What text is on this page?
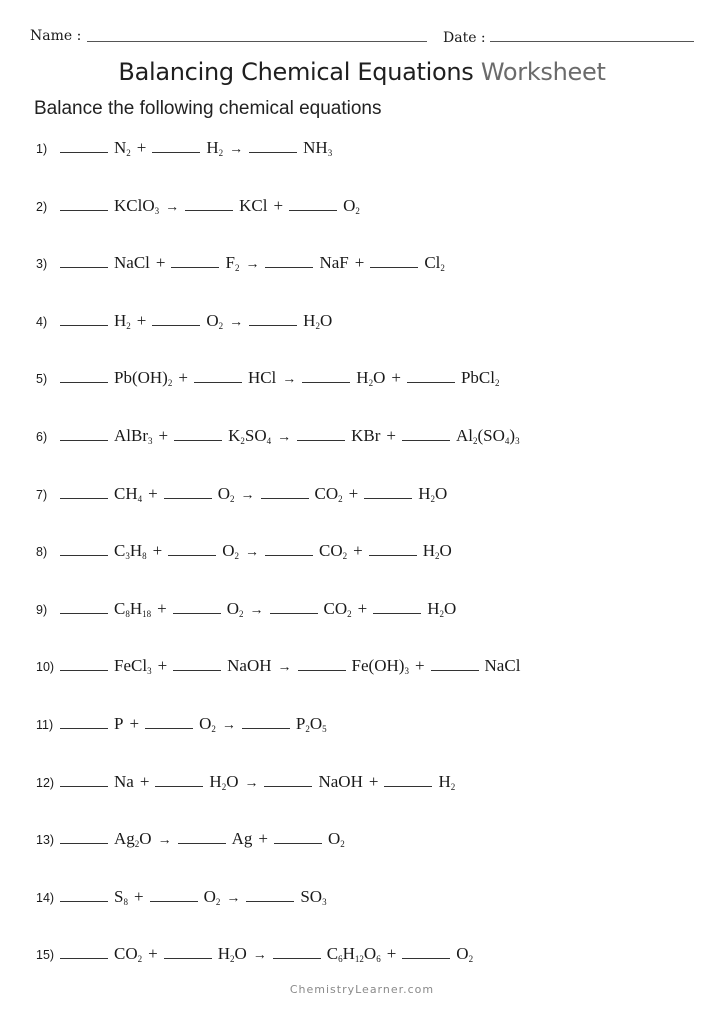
Name :	Date :
Balancing Chemical Equations Worksheet
Balance the following chemical equations
1)	$N_2$ +	$H_2$ →	$NH_3$
2)	KClO$_3$ →	KCl +	$O_2$
3)	NaCl +	$F_2$ →	NaF +	$Cl_2$
4)	$H_2$ +	$O_2$ →	$H_2O$
5)	$Pb(OH)_2$ +	HCl →	$H_2O$ +	PbCl$_2$
6)	AlBr$_3$ +	$K_2SO_4$ →	KBr +	$Al_2(SO_4)_3$
7)	$CH_4$ +	$O_2$ →	$CO_2$ +	$H_2O$
8)	$C_3H_8$ +	$O_2$ →	$CO_2$ +	$H_2O$
9)	$C_8H_{18}$ +	$O_2$ →	$CO_2$ +	$H_2O$
10)	FeCl$_3$ +	NaOH →	$Fe(OH)_3$ +	NaCl
11)	P +	$O_2$ →	$P_2O_5$
12)	Na +	$H_2O$ →	NaOH +	$H_2$
13)	$Ag_2O$ →	Ag +	$O_2$
14)	$S_8$ +	$O_2$ →	$SO_3$
15)	$CO_2$ +	$H_2O$ →	$C_6H_{12}O_6$ +	$O_2$
ChemistryLearner.com
